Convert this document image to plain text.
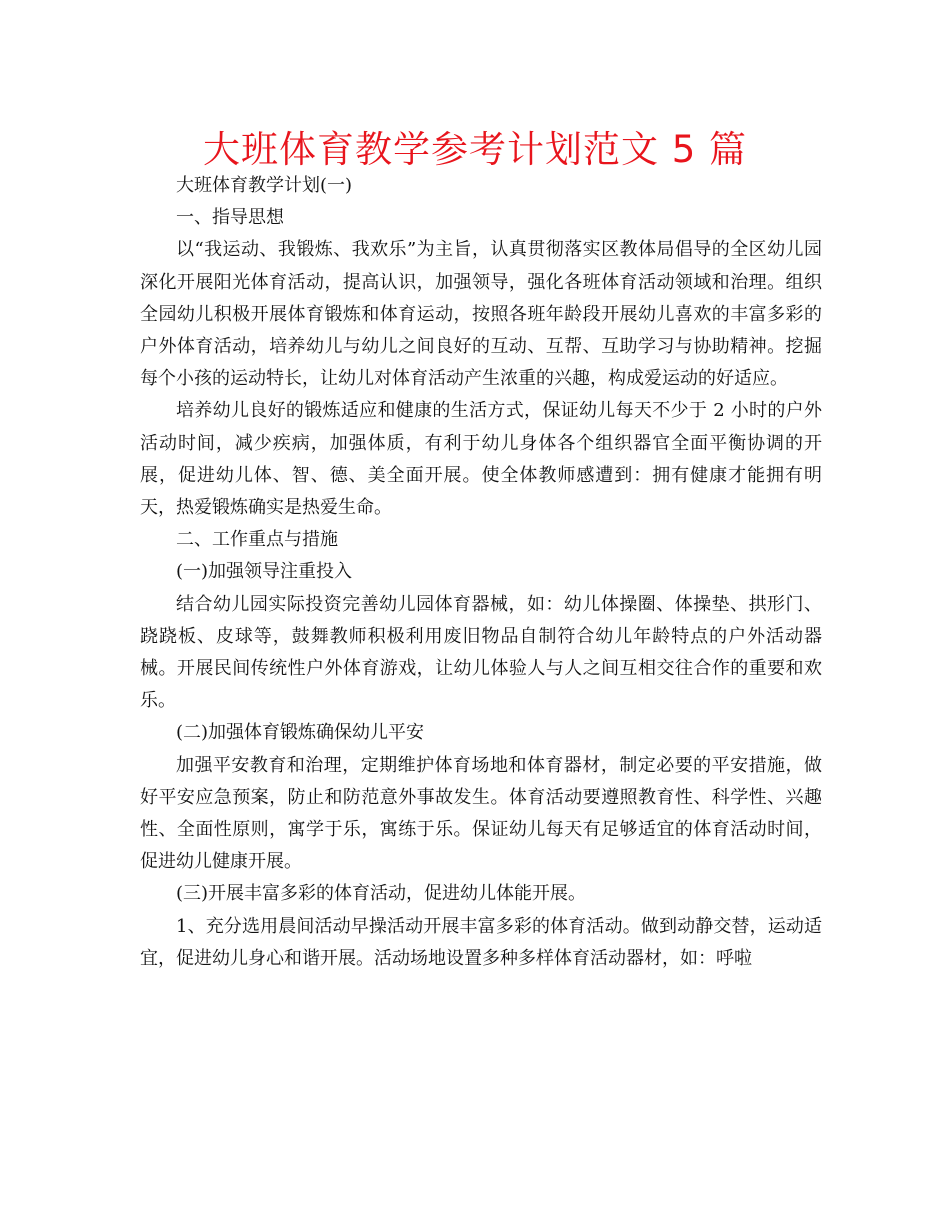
大班体育教学参考计划范文 5 篇

大班体育教学计划(一)

一、指导思想

以“我运动、我锻炼、我欢乐”为主旨，认真贯彻落实区教体局倡导的全区幼儿园深化开展阳光体育活动，提高认识，加强领导，强化各班体育活动领域和治理。组织全园幼儿积极开展体育锻炼和体育运动，按照各班年龄段开展幼儿喜欢的丰富多彩的户外体育活动，培养幼儿与幼儿之间良好的互动、互帮、互助学习与协助精神。挖掘每个小孩的运动特长，让幼儿对体育活动产生浓重的兴趣，构成爱运动的好适应。

培养幼儿良好的锻炼适应和健康的生活方式，保证幼儿每天不少于 2 小时的户外活动时间，减少疾病，加强体质，有利于幼儿身体各个组织器官全面平衡协调的开展，促进幼儿体、智、德、美全面开展。使全体教师感遭到：拥有健康才能拥有明天，热爱锻炼确实是热爱生命。

二、工作重点与措施

(一)加强领导注重投入

结合幼儿园实际投资完善幼儿园体育器械，如：幼儿体操圈、体操垫、拱形门、跷跷板、皮球等，鼓舞教师积极利用废旧物品自制符合幼儿年龄特点的户外活动器械。开展民间传统性户外体育游戏，让幼儿体验人与人之间互相交往合作的重要和欢乐。

(二)加强体育锻炼确保幼儿平安

加强平安教育和治理，定期维护体育场地和体育器材，制定必要的平安措施，做好平安应急预案，防止和防范意外事故发生。体育活动要遵照教育性、科学性、兴趣性、全面性原则，寓学于乐，寓练于乐。保证幼儿每天有足够适宜的体育活动时间，促进幼儿健康开展。

(三)开展丰富多彩的体育活动，促进幼儿体能开展。

1、充分选用晨间活动早操活动开展丰富多彩的体育活动。做到动静交替，运动适宜，促进幼儿身心和谐开展。活动场地设置多种多样体育活动器材，如：呼啦
